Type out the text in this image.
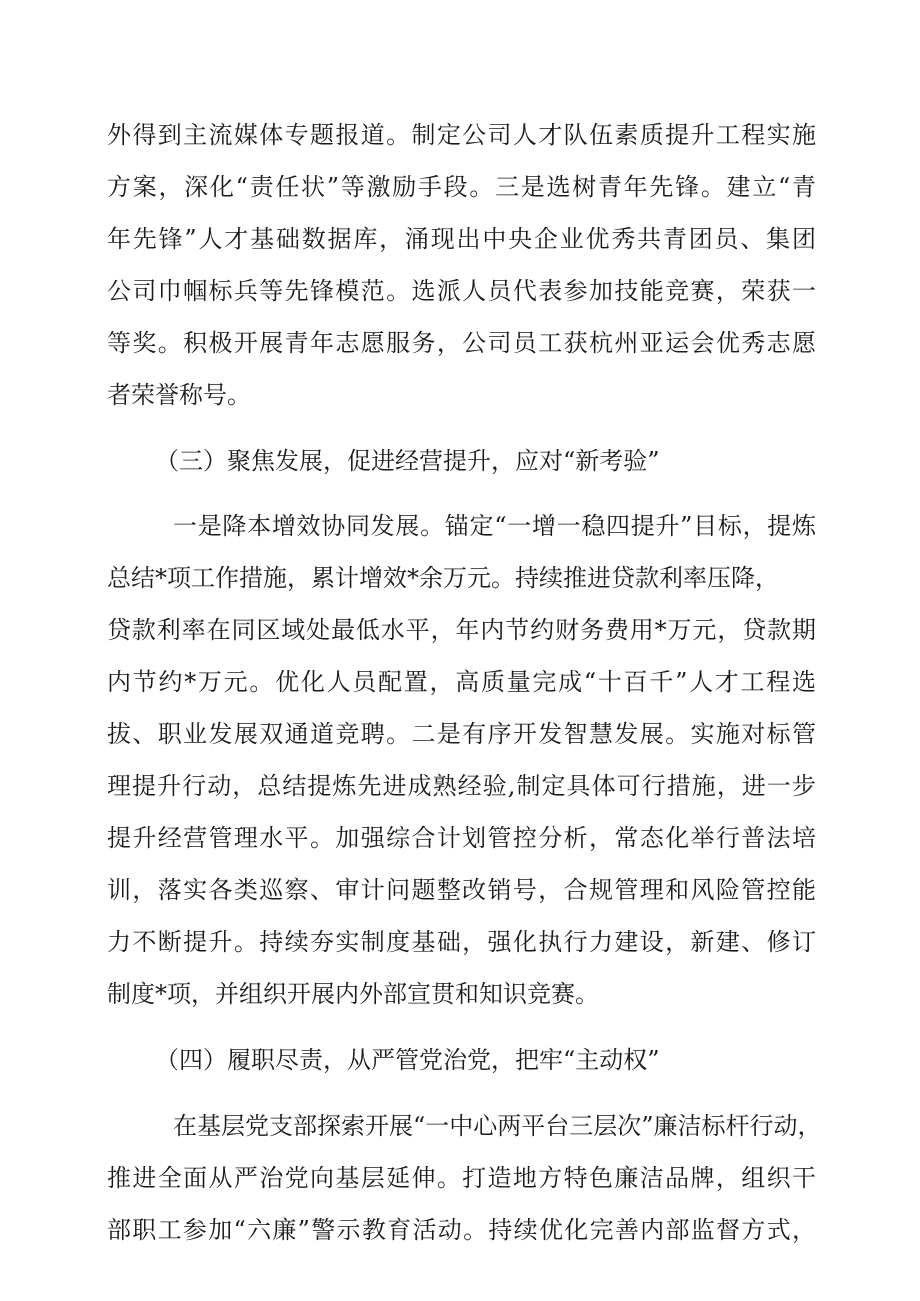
外得到主流媒体专题报道。制定公司人才队伍素质提升工程实施
方案，深化“责任状”等激励手段。三是选树青年先锋。建立“青
年先锋”人才基础数据库，涌现出中央企业优秀共青团员、集团
公司巾帼标兵等先锋模范。选派人员代表参加技能竞赛，荣获一
等奖。积极开展青年志愿服务，公司员工获杭州亚运会优秀志愿
者荣誉称号。
（三）聚焦发展，促进经营提升，应对“新考验”
一是降本增效协同发展。锚定“一增一稳四提升”目标，提炼
总结*项工作措施，累计增效*余万元。持续推进贷款利率压降，
贷款利率在同区域处最低水平，年内节约财务费用*万元，贷款期
内节约*万元。优化人员配置，高质量完成“十百千”人才工程选
拔、职业发展双通道竞聘。二是有序开发智慧发展。实施对标管
理提升行动，总结提炼先进成熟经验,制定具体可行措施，进一步
提升经营管理水平。加强综合计划管控分析，常态化举行普法培
训，落实各类巡察、审计问题整改销号，合规管理和风险管控能
力不断提升。持续夯实制度基础，强化执行力建设，新建、修订
制度*项，并组织开展内外部宣贯和知识竞赛。
（四）履职尽责，从严管党治党，把牢“主动权”
在基层党支部探索开展“一中心两平台三层次”廉洁标杆行动，
推进全面从严治党向基层延伸。打造地方特色廉洁品牌，组织干
部职工参加“六廉”警示教育活动。持续优化完善内部监督方式，
